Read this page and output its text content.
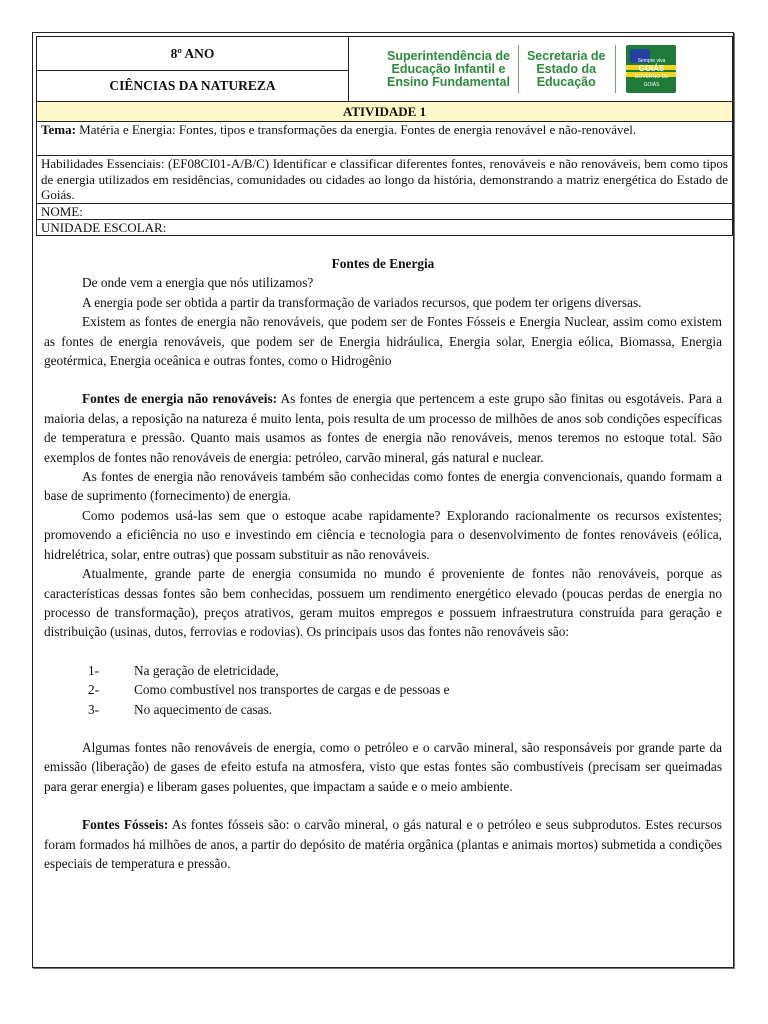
8º ANO	Superintendência de
Educação Infantil e
Ensino Fundamental
Secretaria de
Estado da
Educação
Sempre viva
GOIÁS
GOVERNO DE GOIÁS

CIÊNCIAS DA NATUREZA
ATIVIDADE 1
Tema: Matéria e Energia: Fontes, tipos e transformações da energia. Fontes de energia renovável e não-renovável.
Habilidades Essenciais: (EF08CI01-A/B/C) Identificar e classificar diferentes fontes, renováveis e não renováveis, bem como tipos de energia utilizados em residências, comunidades ou cidades ao longo da história, demonstrando a matriz energética do Estado de Goiás.
NOME:
UNIDADE ESCOLAR:

Fontes de Energia

De onde vem a energia que nós utilizamos?

A energia pode ser obtida a partir da transformação de variados recursos, que podem ter origens diversas.

Existem as fontes de energia não renováveis, que podem ser de Fontes Fósseis e Energia Nuclear, assim como existem as fontes de energia renováveis, que podem ser de Energia hidráulica, Energia solar, Energia eólica, Biomassa, Energia geotérmica, Energia oceânica e outras fontes, como o Hidrogênio

Fontes de energia não renováveis: As fontes de energia que pertencem a este grupo são finitas ou esgotáveis. Para a maioria delas, a reposição na natureza é muito lenta, pois resulta de um processo de milhões de anos sob condições específicas de temperatura e pressão. Quanto mais usamos as fontes de energia não renováveis, menos teremos no estoque total. São exemplos de fontes não renováveis de energia: petróleo, carvão mineral, gás natural e nuclear.

As fontes de energia não renováveis também são conhecidas como fontes de energia convencionais, quando formam a base de suprimento (fornecimento) de energia.

Como podemos usá-las sem que o estoque acabe rapidamente? Explorando racionalmente os recursos existentes; promovendo a eficiência no uso e investindo em ciência e tecnologia para o desenvolvimento de fontes renováveis (eólica, hidrelétrica, solar, entre outras) que possam substituir as não renováveis.

Atualmente, grande parte de energia consumida no mundo é proveniente de fontes não renováveis, porque as características dessas fontes são bem conhecidas, possuem um rendimento energético elevado (poucas perdas de energia no processo de transformação), preços atrativos, geram muitos empregos e possuem infraestrutura construída para geração e distribuição (usinas, dutos, ferrovias e rodovias). Os principais usos das fontes não renováveis são:

1-	Na geração de eletricidade,
2-	Como combustível nos transportes de cargas e de pessoas e
3-	No aquecimento de casas.

Algumas fontes não renováveis de energia, como o petróleo e o carvão mineral, são responsáveis por grande parte da emissão (liberação) de gases de efeito estufa na atmosfera, visto que estas fontes são combustíveis (precisam ser queimadas para gerar energia) e liberam gases poluentes, que impactam a saúde e o meio ambiente.

Fontes Fósseis: As fontes fósseis são: o carvão mineral, o gás natural e o petróleo e seus subprodutos. Estes recursos foram formados há milhões de anos, a partir do depósito de matéria orgânica (plantas e animais mortos) submetida a condições especiais de temperatura e pressão.
